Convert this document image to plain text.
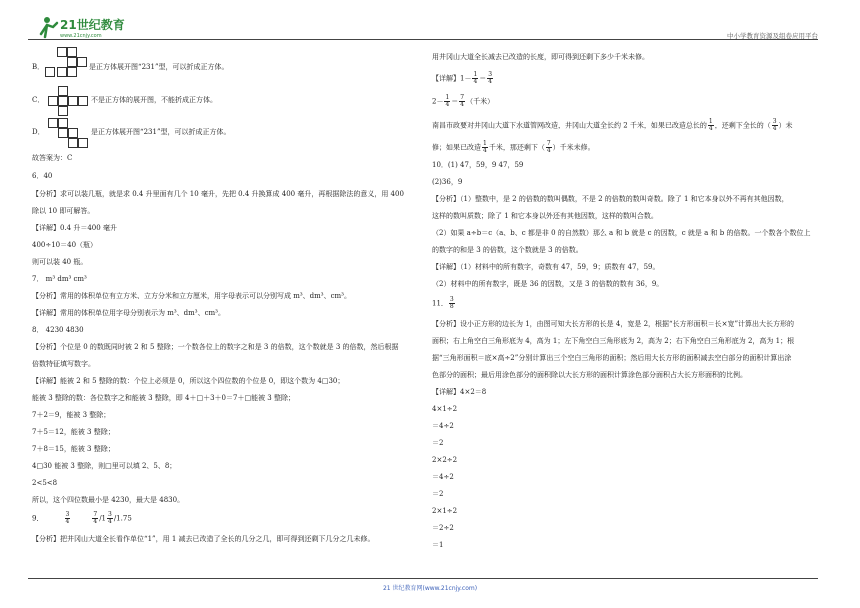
21世纪教育
www.21cnjy.com	中小学教育资源及组卷应用平台
B．	是正方体展开图“231”型，可以折成正方体。
C．	不是正方体的展开图，不能折成正方体。
D．	是正方体展开图“231”型，可以折成正方体。
故答案为：C
6．40
【分析】求可以装几瓶，就是求 0.4 升里面有几个 10 毫升，先把 0.4 升换算成 400 毫升，再根据除法的意义，用 400
除以 10 即可解答。
【详解】0.4 升＝400 毫升
400÷10＝40（瓶）
则可以装 40 瓶。
7． m³ dm³ cm³
【分析】常用的体积单位有立方米、立方分米和立方厘米，用字母表示可以分别写成 m³、dm³、cm³。
【详解】常用的体积单位用字母分别表示为 m³、dm³、cm³。
8． 4230 4830
【分析】个位是 0 的数既同时被 2 和 5 整除；一个数各位上的数字之和是 3 的倍数，这个数就是 3 的倍数，然后根据
倍数特征填写数字。
【详解】能被 2 和 5 整除的数：个位上必须是 0，所以这个四位数的个位是 0，即这个数为 4□30；
能被 3 整除的数：各位数字之和能被 3 整除，即 4＋□＋3＋0＝7＋□能被 3 整除；
7＋2＝9，能被 3 整除；
7＋5＝12，能被 3 整除；
7＋8＝15，能被 3 整除；
4□30 能被 3 整除，则□里可以填 2、5、8；
2<5<8
所以，这个四位数最小是 4230，最大是 4830。
9．	$\frac{3}{4}$
	$\frac{7}{4} /1 \frac{3}{4} /1.75$
【分析】把井冈山大道全长看作单位“1”，用 1 减去已改造了全长的几分之几，即可得到还剩下几分之几未修。
用井冈山大道全长减去已改造的长度，即可得到还剩下多少千米未修。
【详解】$1- \frac{1}{4} = \frac{3}{4}$
$2- \frac{1}{4} = \frac{7}{4}$ （千米）
南昌市政要对井冈山大道下水道管网改造，井冈山大道全长约 2 千米，如果已改造总长的 $\frac{1}{4}$ ，还剩下全长的（ $\frac{3}{4}$ ）未
修；如果已改造 $\frac{1}{4}$ 千米，那还剩下（ $\frac{7}{4}$ ）千米未修。
10．(1) 47，59，9 47，59
(2)36，9
【分析】（1）整数中，是 2 的倍数的数叫偶数，不是 2 的倍数的数叫奇数。除了 1 和它本身以外不再有其他因数，
这样的数叫质数；除了 1 和它本身以外还有其他因数，这样的数叫合数。
（2）如果 a÷b＝c（a、b、c 都是非 0 的自然数）那么 a 和 b 就是 c 的因数，c 就是 a 和 b 的倍数。一个数各个数位上
的数字的和是 3 的倍数，这个数就是 3 的倍数。
【详解】（1）材料中的所有数字，奇数有 47，59，9；质数有 47，59。
（2）材料中的所有数字，既是 36 的因数，又是 3 的倍数的数有 36，9。
11． $\frac{3}{8}$
【分析】设小正方形的边长为 1，由图可知大长方形的长是 4，宽是 2，根据“长方形面积＝长×宽”计算出大长方形的
面积；右上角空白三角形底为 4，高为 1；左下角空白三角形底为 2，高为 2；右下角空白三角形底为 2，高为 1；根
据“三角形面积＝底×高÷2”分别计算出三个空白三角形的面积；然后用大长方形的面积减去空白部分的面积计算出涂
色部分的面积；最后用涂色部分的面积除以大长方形的面积计算涂色部分面积占大长方形面积的比例。
【详解】4×2＝8
4×1÷2
＝4÷2
＝2
2×2÷2
＝4÷2
＝2
2×1÷2
＝2÷2
＝1
21 世纪教育网(www.21cnjy.com)
